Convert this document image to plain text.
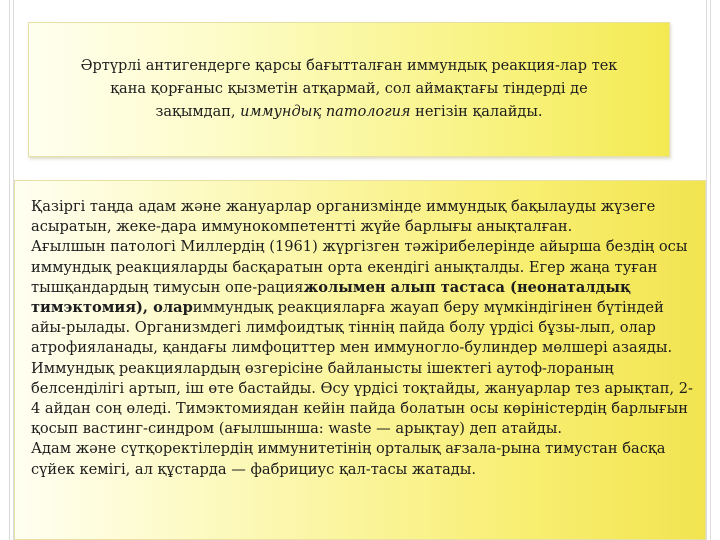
Әртүрлі антигендерге қарсы бағытталған иммундық реакция-лар тек
қана қорғаныс қызметін атқармай, сол аймақтағы тіндерді де
зақымдап, иммундық патология негізін қалайды.

Қазіргі таңда адам және жануарлар организмінде иммундық бақылауды жүзеге асыратын, жеке-дара иммунокомпетентті жүйе барлығы анықталған.

Ағылшын патологі Миллердің (1961) жүргізген тәжірибелерінде айырша бездің осы иммундық реакцияларды басқаратын орта екендігі анықталды. Егер жаңа туған тышқандардың тимусын опе-рацияжолымен алып тастаса (неонаталдық тимэктомия), олариммундық реакцияларға жауап беру мүмкіндігінен бүтіндей айы-рылады. Организмдегі лимфоидтық тіннің пайда болу үрдісі бұзы-лып, олар атрофияланады, қандағы лимфоциттер мен иммуногло-булиндер мөлшері азаяды.

Иммундық реакциялардың өзгерісіне байланысты ішектегі аутоф-лораның белсенділігі артып, іш өте бастайды. Өсу үрдісі тоқтайды, жануарлар тез арықтап, 2-4 айдан соң өледі. Тимэктомиядан кейін пайда болатын осы көріністердің барлығын қосып вастинг-синдром (ағылшынша: waste — арықтау) деп атайды.

Адам және сүтқоректілердің иммунитетінің орталық ағзала-рына тимустан басқа сүйек кемігі, ал құстарда — фабрициус қал-тасы жатады.
